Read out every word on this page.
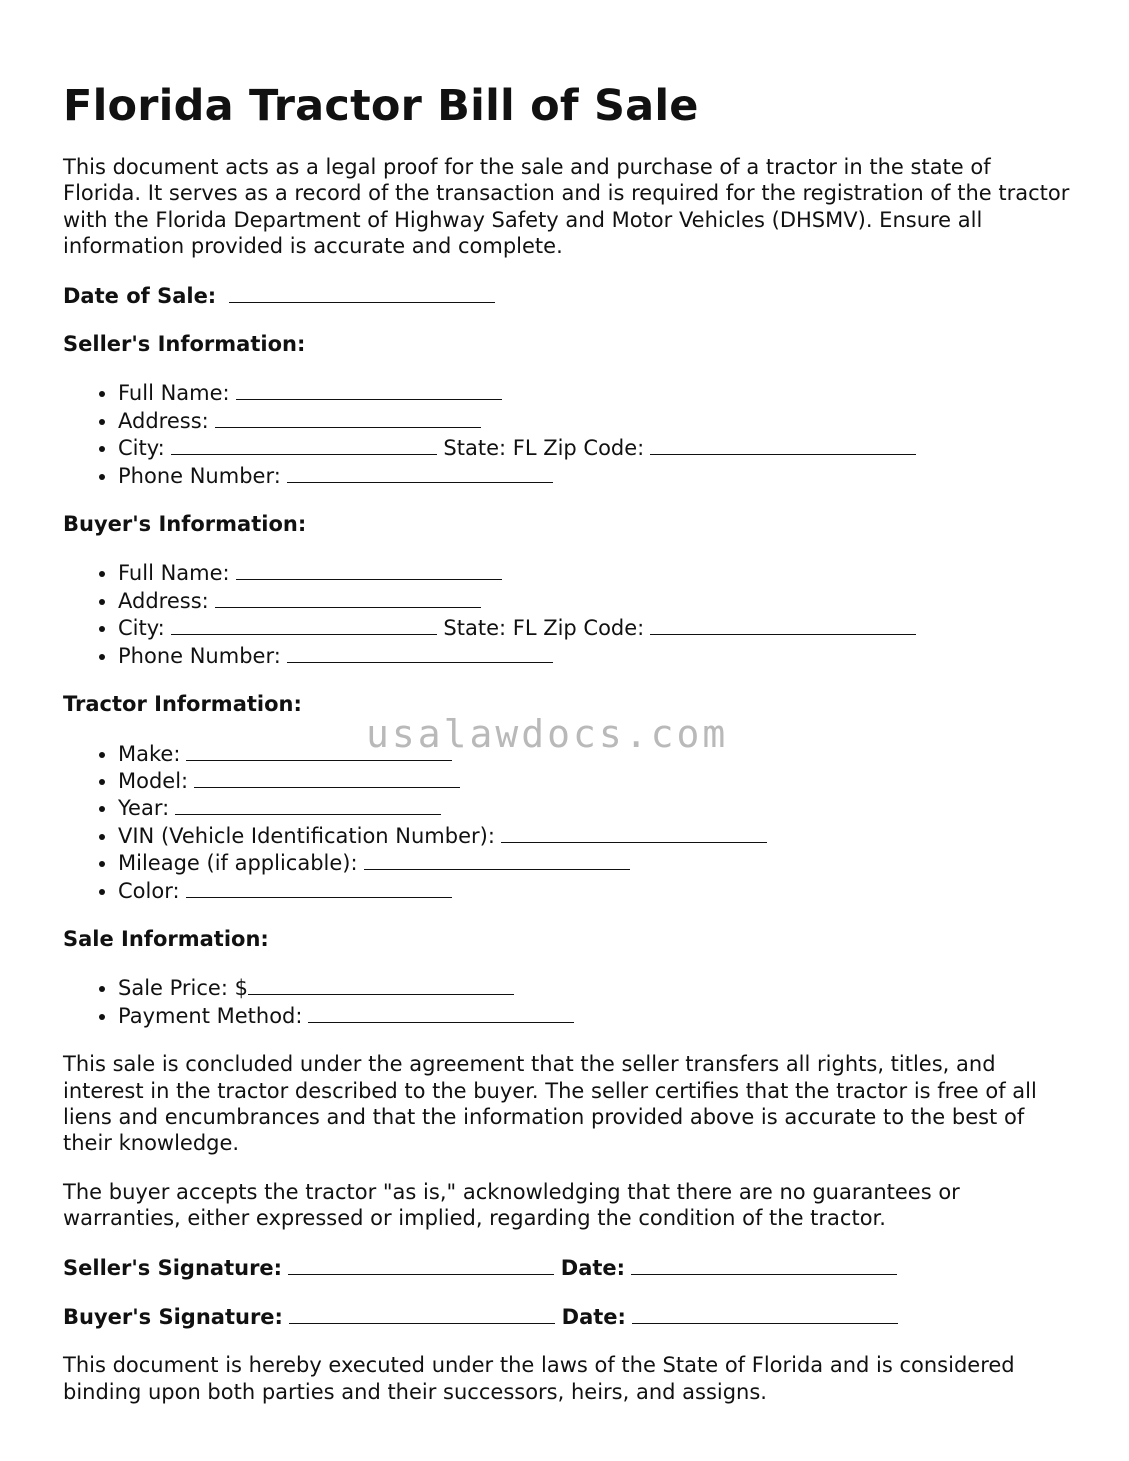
Florida Tractor Bill of Sale

This document acts as a legal proof for the sale and purchase of a tractor in the state of Florida. It serves as a record of the transaction and is required for the registration of the tractor with the Florida Department of Highway Safety and Motor Vehicles (DHSMV). Ensure all information provided is accurate and complete.

Date of Sale:
Seller's Information:
• Full Name:
• Address:
• City:	State: FL Zip Code:
• Phone Number:
Buyer's Information:
• Full Name:
• Address:
• City:	State: FL Zip Code:
• Phone Number:
Tractor Information:
• Make:
• Model:
• Year:
• VIN (Vehicle Identification Number):
• Mileage (if applicable):
• Color:
Sale Information:
• Sale Price: $
• Payment Method:

This sale is concluded under the agreement that the seller transfers all rights, titles, and interest in the tractor described to the buyer. The seller certifies that the tractor is free of all liens and encumbrances and that the information provided above is accurate to the best of their knowledge.

The buyer accepts the tractor "as is," acknowledging that there are no guarantees or warranties, either expressed or implied, regarding the condition of the tractor.

Seller's Signature:	Date:
Buyer's Signature:	Date:

This document is hereby executed under the laws of the State of Florida and is considered binding upon both parties and their successors, heirs, and assigns.

usalawdocs.com
